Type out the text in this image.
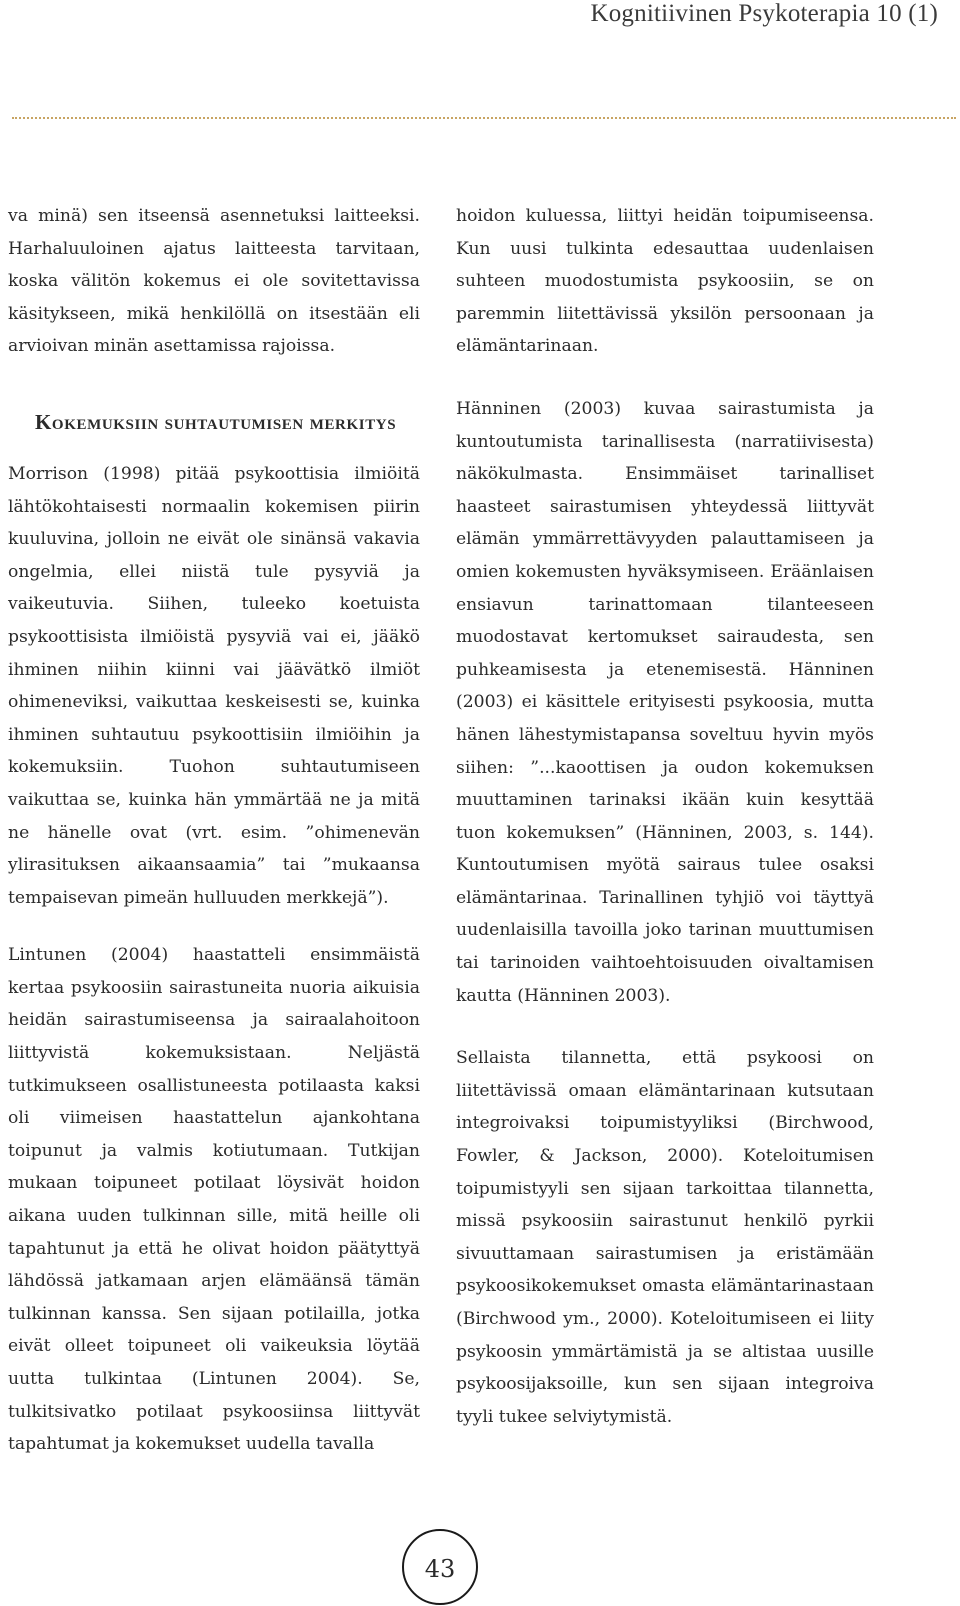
Kognitiivinen Psykoterapia 10 (1)

va minä) sen itseensä asennetuksi laitteeksi. Harhaluuloinen ajatus laitteesta tarvitaan, koska välitön kokemus ei ole sovitettavissa käsitykseen, mikä henkilöllä on itsestään eli arvioivan minän asettamissa rajoissa.

Kokemuksiin suhtautumisen merkitys

Morrison (1998) pitää psykoottisia ilmiöitä lähtökohtaisesti normaalin kokemisen piirin kuuluvina, jolloin ne eivät ole sinänsä vakavia ongelmia, ellei niistä tule pysyviä ja vaikeutuvia. Siihen, tuleeko koetuista psykoottisista ilmiöistä pysyviä vai ei, jääkö ihminen niihin kiinni vai jäävätkö ilmiöt ohimeneviksi, vaikuttaa keskeisesti se, kuinka ihminen suhtautuu psykoottisiin ilmiöihin ja kokemuksiin. Tuohon suhtautumiseen vaikuttaa se, kuinka hän ymmärtää ne ja mitä ne hänelle ovat (vrt. esim. ”ohimenevän ylirasituksen aikaansaamia” tai ”mukaansa tempaisevan pimeän hulluuden merkkejä”).

Lintunen (2004) haastatteli ensimmäistä kertaa psykoosiin sairastuneita nuoria aikuisia heidän sairastumiseensa ja sairaalahoitoon liittyvistä kokemuksistaan. Neljästä tutkimukseen osallistuneesta potilaasta kaksi oli viimeisen haastattelun ajankohtana toipunut ja valmis kotiutumaan. Tutkijan mukaan toipuneet potilaat löysivät hoidon aikana uuden tulkinnan sille, mitä heille oli tapahtunut ja että he olivat hoidon päätyttyä lähdössä jatkamaan arjen elämäänsä tämän tulkinnan kanssa. Sen sijaan potilailla, jotka eivät olleet toipuneet oli vaikeuksia löytää uutta tulkintaa (Lintunen 2004). Se, tulkitsivatko potilaat psykoosiinsa liittyvät tapahtumat ja kokemukset uudella tavalla

hoidon kuluessa, liittyi heidän toipumiseensa. Kun uusi tulkinta edesauttaa uudenlaisen suhteen muodostumista psykoosiin, se on paremmin liitettävissä yksilön persoonaan ja elämäntarinaan.

Hänninen (2003) kuvaa sairastumista ja kuntoutumista tarinallisesta (narratiivisesta) näkökulmasta. Ensimmäiset tarinalliset haasteet sairastumisen yhteydessä liittyvät elämän ymmärrettävyyden palauttamiseen ja omien kokemusten hyväksymiseen. Eräänlaisen ensiavun tarinattomaan tilanteeseen muodostavat kertomukset sairaudesta, sen puhkeamisesta ja etenemisestä. Hänninen (2003) ei käsittele erityisesti psykoosia, mutta hänen lähestymistapansa soveltuu hyvin myös siihen: ”...kaoottisen ja oudon kokemuksen muuttaminen tarinaksi ikään kuin kesyttää tuon kokemuksen” (Hänninen, 2003, s. 144). Kuntoutumisen myötä sairaus tulee osaksi elämäntarinaa. Tarinallinen tyhjiö voi täyttyä uudenlaisilla tavoilla joko tarinan muuttumisen tai tarinoiden vaihtoehtoisuuden oivaltamisen kautta (Hänninen 2003).

Sellaista tilannetta, että psykoosi on liitettävissä omaan elämäntarinaan kutsutaan integroivaksi toipumistyyliksi (Birchwood, Fowler, & Jackson, 2000). Koteloitumisen toipumistyyli sen sijaan tarkoittaa tilannetta, missä psykoosiin sairastunut henkilö pyrkii sivuuttamaan sairastumisen ja eristämään psykoosikokemukset omasta elämäntarinastaan (Birchwood ym., 2000). Koteloitumiseen ei liity psykoosin ymmärtämistä ja se altistaa uusille psykoosijaksoille, kun sen sijaan integroiva tyyli tukee selviytymistä.

43
